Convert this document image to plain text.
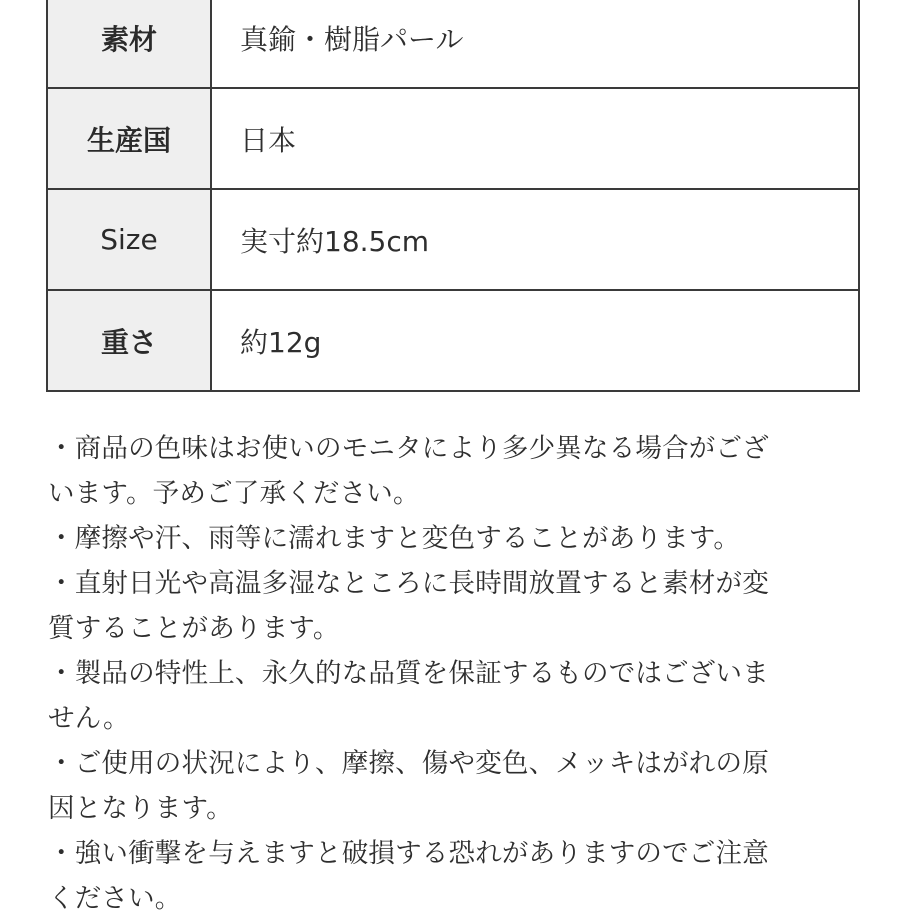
素材	真鍮・樹脂パール
生産国	日本
Size	実寸約18.5cm
重さ	約12g

・商品の色味はお使いのモニタにより多少異なる場合がござ
います。予めご了承ください。

・摩擦や汗、雨等に濡れますと変色することがあります。

・直射日光や高温多湿なところに長時間放置すると素材が変
質することがあります。

・製品の特性上、永久的な品質を保証するものではございま
せん。

・ご使用の状況により、摩擦、傷や変色、メッキはがれの原
因となります。

・強い衝撃を与えますと破損する恐れがありますのでご注意
ください。
